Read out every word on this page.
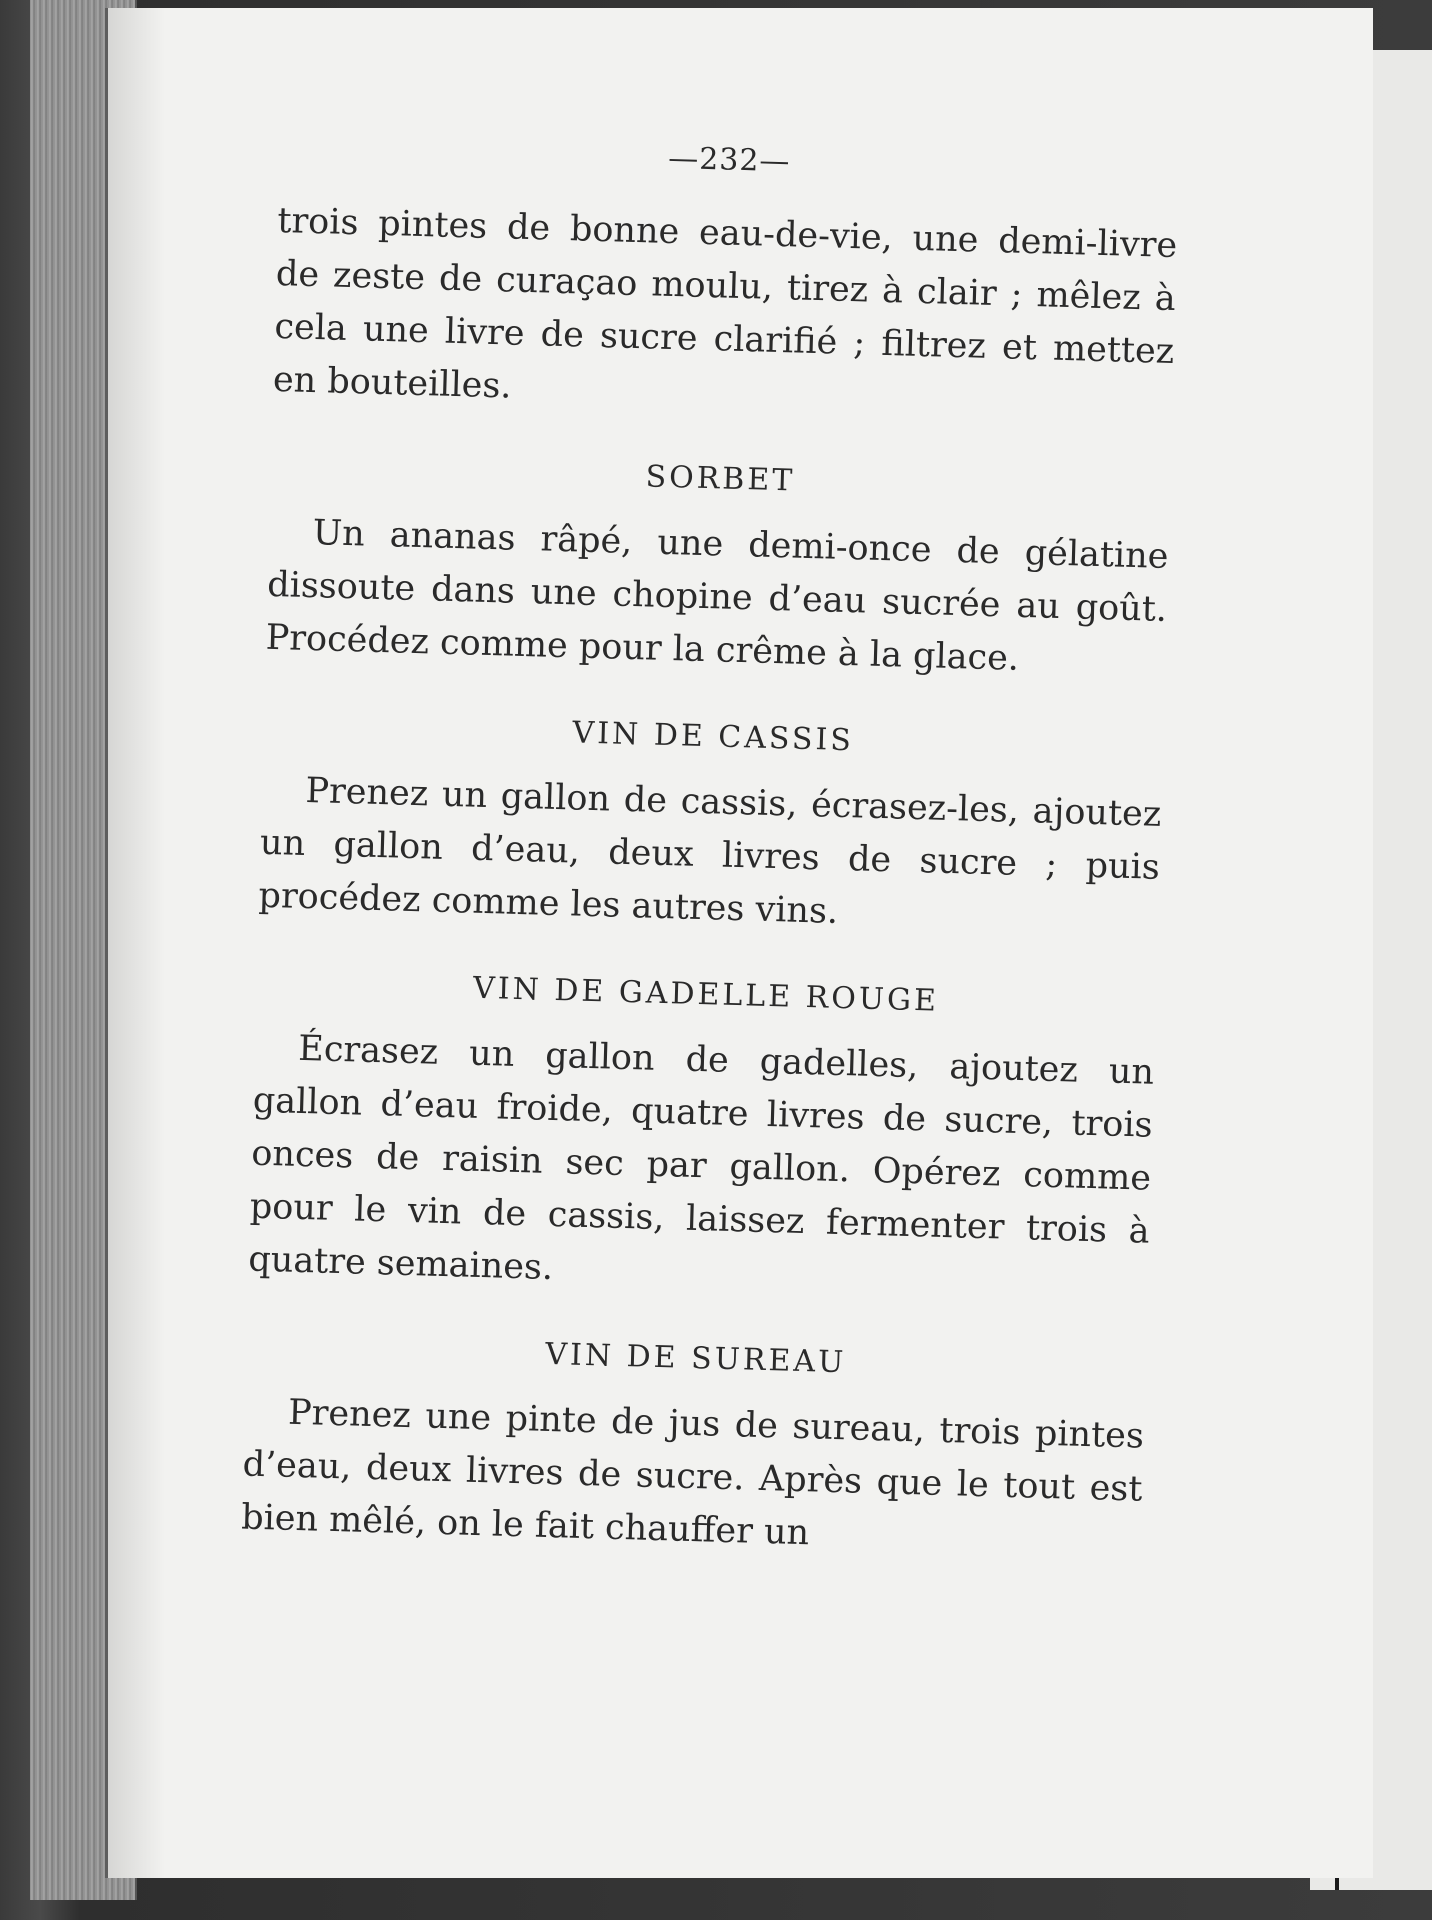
—232—

trois pintes de bonne eau-de-vie, une demi-livre de zeste de curaçao moulu, tirez à clair ; mêlez à cela une livre de sucre clarifié ; filtrez et mettez en bouteilles.

SORBET

Un ananas râpé, une demi-once de gélatine dissoute dans une chopine d’eau sucrée au goût. Procédez comme pour la crême à la glace.

VIN DE CASSIS

Prenez un gallon de cassis, écrasez-les, ajoutez un gallon d’eau, deux livres de sucre ; puis procédez comme les autres vins.

VIN DE GADELLE ROUGE

Écrasez un gallon de gadelles, ajoutez un gallon d’eau froide, quatre livres de sucre, trois onces de raisin sec par gallon. Opérez comme pour le vin de cassis, laissez fermenter trois à quatre semaines.

VIN DE SUREAU

Prenez une pinte de jus de sureau, trois pintes d’eau, deux livres de sucre. Après que le tout est bien mêlé, on le fait chauffer un
